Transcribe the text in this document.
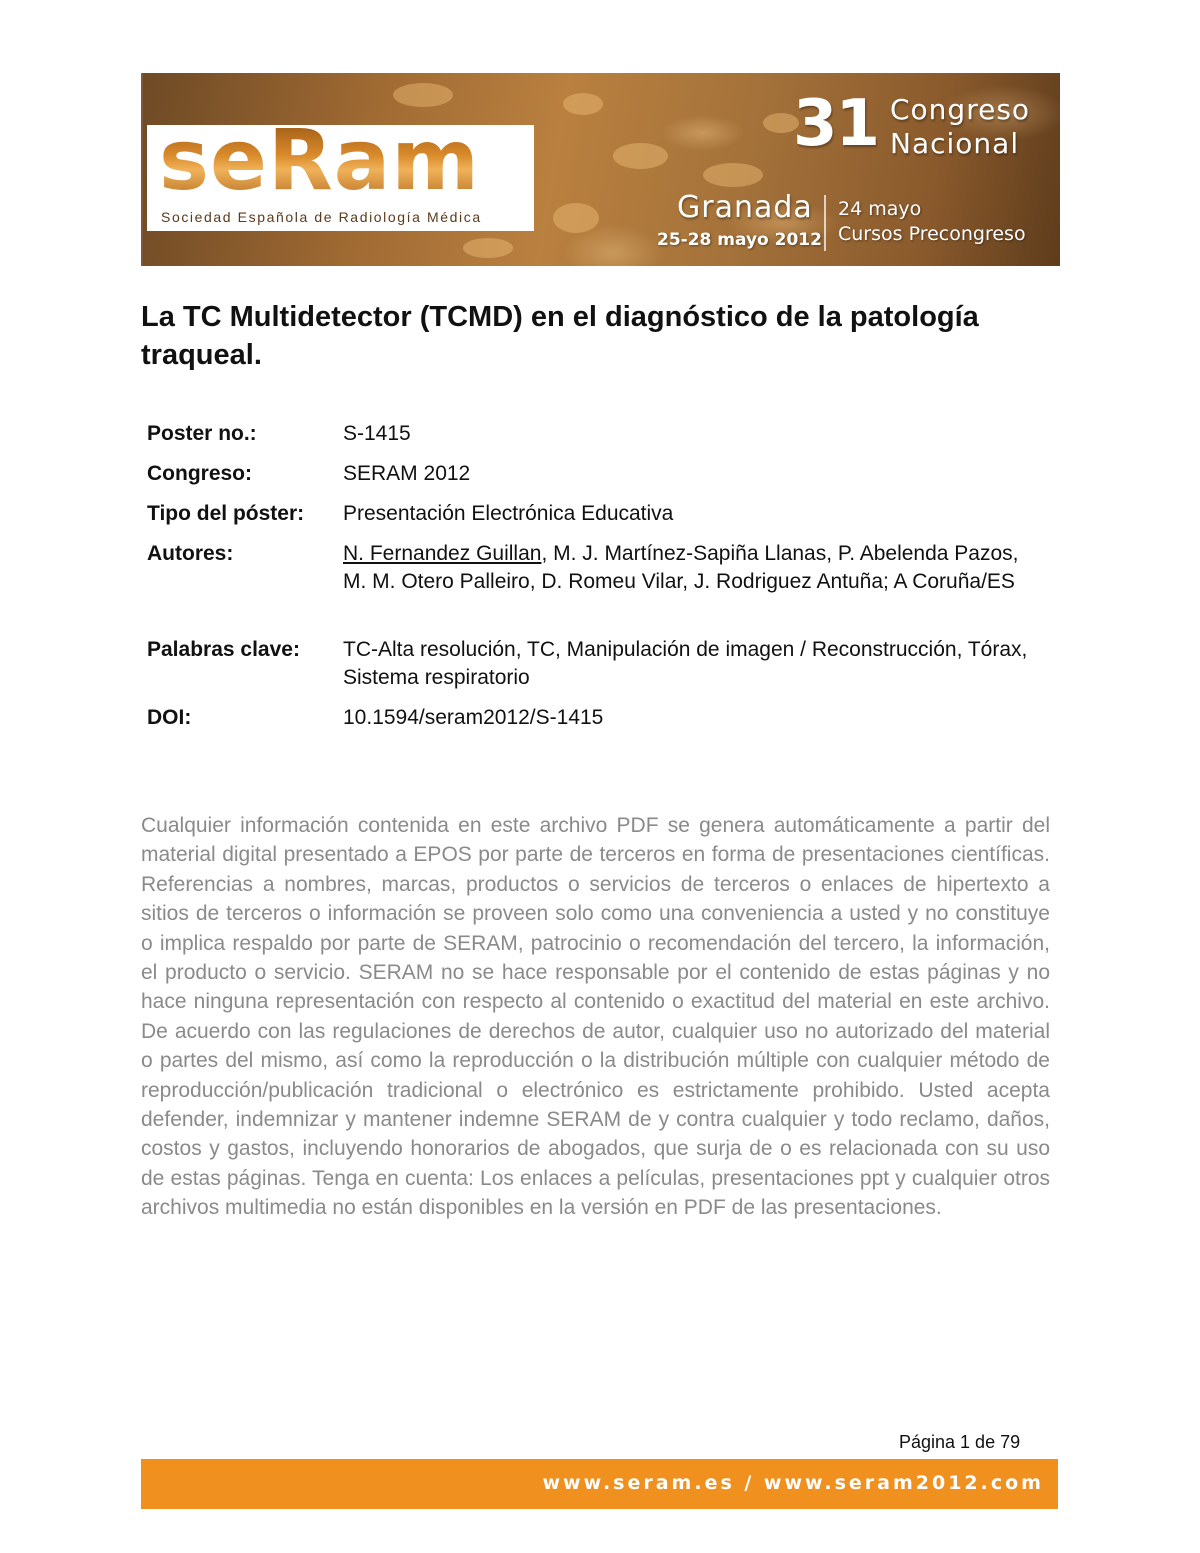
seRam
Sociedad Española de Radiología Médica
31 Congreso
Nacional
Granada
25-28 mayo 2012
24 mayo
Cursos Precongreso
La TC Multidetector (TCMD) en el diagnóstico de la patología traqueal.
Poster no.:	S-1415
Congreso:	SERAM 2012
Tipo del póster:	Presentación Electrónica Educativa
Autores:	N. Fernandez Guillan, M. J. Martínez-Sapiña Llanas, P. Abelenda Pazos, M. M. Otero Palleiro, D. Romeu Vilar, J. Rodriguez Antuña; A Coruña/ES
Palabras clave:	TC-Alta resolución, TC, Manipulación de imagen / Reconstrucción, Tórax, Sistema respiratorio
DOI:	10.1594/seram2012/S-1415
Cualquier información contenida en este archivo PDF se genera automáticamente a partir del material digital presentado a EPOS por parte de terceros en forma de presentaciones científicas. Referencias a nombres, marcas, productos o servicios de terceros o enlaces de hipertexto a sitios de terceros o información se proveen solo como una conveniencia a usted y no constituye o implica respaldo por parte de SERAM, patrocinio o recomendación del tercero, la información, el producto o servicio. SERAM no se hace responsable por el contenido de estas páginas y no hace ninguna representación con respecto al contenido o exactitud del material en este archivo. De acuerdo con las regulaciones de derechos de autor, cualquier uso no autorizado del material o partes del mismo, así como la reproducción o la distribución múltiple con cualquier método de reproducción/publicación tradicional o electrónico es estrictamente prohibido. Usted acepta defender, indemnizar y mantener indemne SERAM de y contra cualquier y todo reclamo, daños, costos y gastos, incluyendo honorarios de abogados, que surja de o es relacionada con su uso de estas páginas. Tenga en cuenta: Los enlaces a películas, presentaciones ppt y cualquier otros archivos multimedia no están disponibles en la versión en PDF de las presentaciones.
Página 1 de 79
www.seram.es / www.seram2012.com
